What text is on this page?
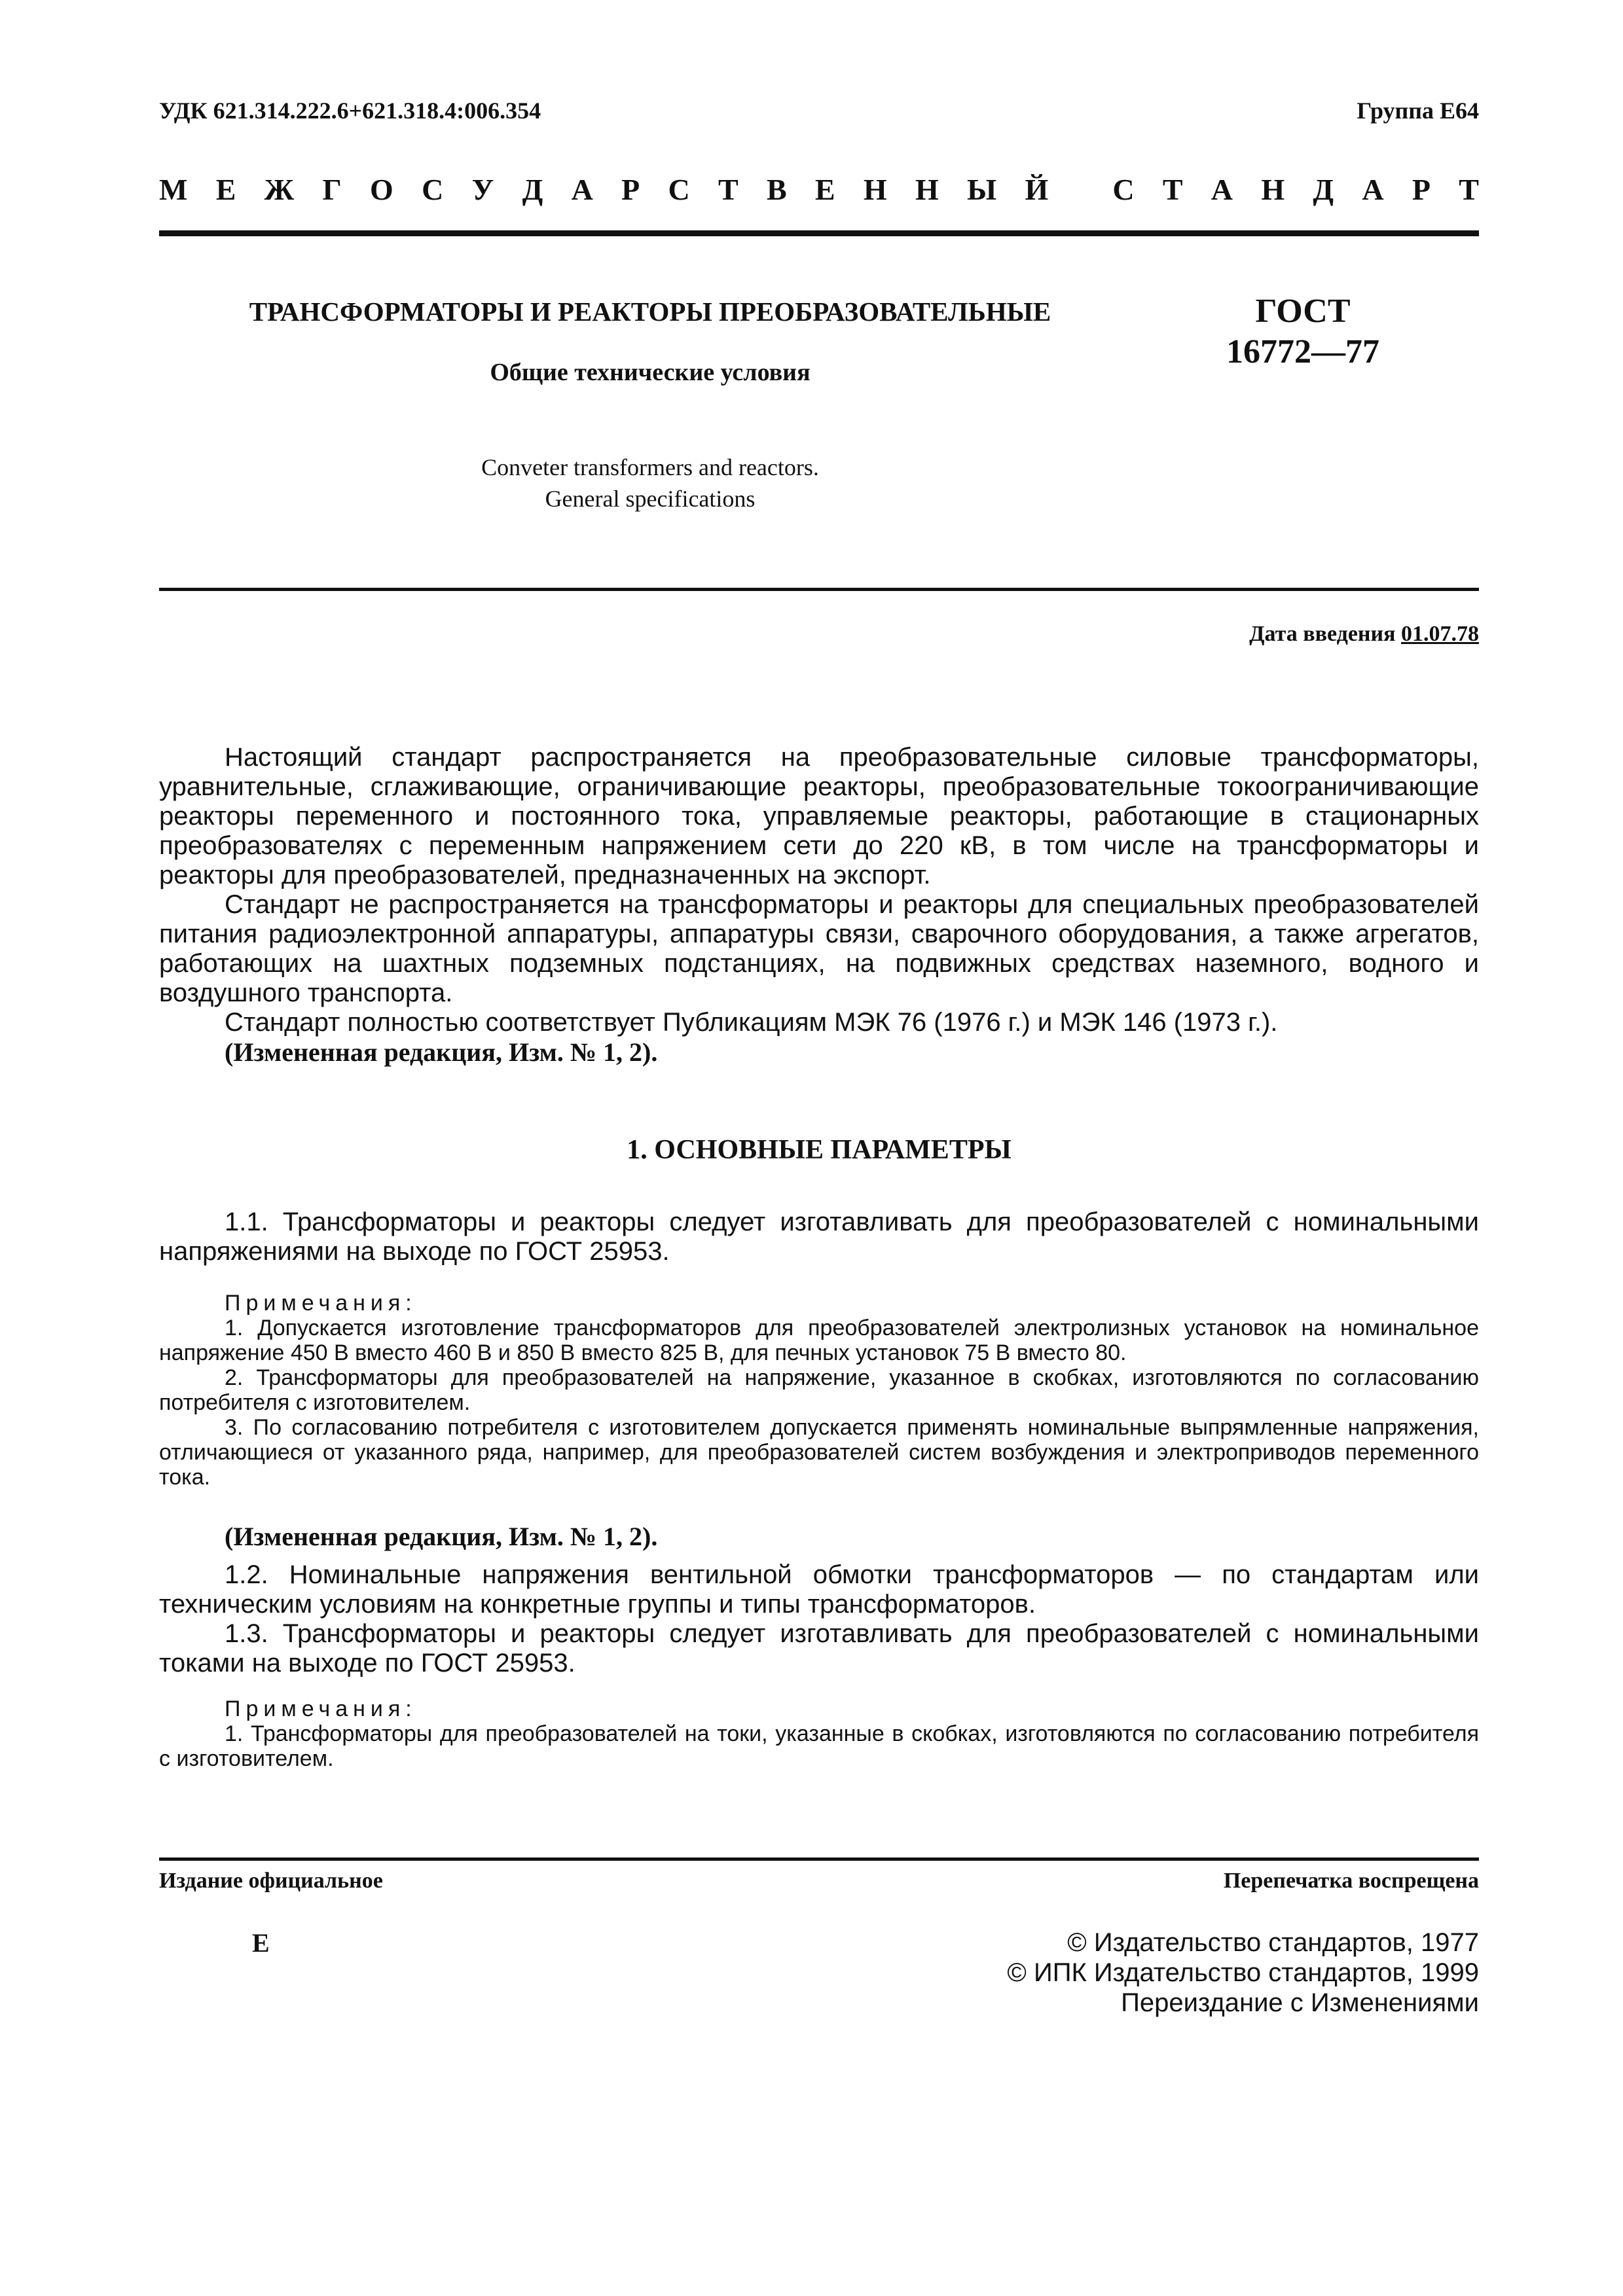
УДК 621.314.222.6+621.318.4:006.354	Группа Е64
М Е Ж Г О С У Д А Р С Т В Е Н Н Ы Й
С Т А Н Д А Р Т
ТРАНСФОРМАТОРЫ И РЕАКТОРЫ ПРЕОБРАЗОВАТЕЛЬНЫЕ
Общие технические условия
ГОСТ
16772—77
Conveter transformers and reactors.
General specifications
Дата введения 01.07.78

Настоящий стандарт распространяется на преобразовательные силовые трансформаторы, уравнительные, сглаживающие, ограничивающие реакторы, преобразовательные токоограничивающие реакторы переменного и постоянного тока, управляемые реакторы, работающие в стационарных преобразователях с переменным напряжением сети до 220 кВ, в том числе на трансформаторы и реакторы для преобразователей, предназначенных на экспорт.

Стандарт не распространяется на трансформаторы и реакторы для специальных преобразователей питания радиоэлектронной аппаратуры, аппаратуры связи, сварочного оборудования, а также агрегатов, работающих на шахтных подземных подстанциях, на подвижных средствах наземного, водного и воздушного транспорта.

Стандарт полностью соответствует Публикациям МЭК 76 (1976 г.) и МЭК 146 (1973 г.).

(Измененная редакция, Изм. № 1, 2).

1. ОСНОВНЫЕ ПАРАМЕТРЫ

1.1. Трансформаторы и реакторы следует изготавливать для преобразователей с номинальными напряжениями на выходе по ГОСТ 25953.

Примечания:

1. Допускается изготовление трансформаторов для преобразователей электролизных установок на номинальное напряжение 450 В вместо 460 В и 850 В вместо 825 В, для печных установок 75 В вместо 80.

2. Трансформаторы для преобразователей на напряжение, указанное в скобках, изготовляются по согласованию потребителя с изготовителем.

3. По согласованию потребителя с изготовителем допускается применять номинальные выпрямленные напряжения, отличающиеся от указанного ряда, например, для преобразователей систем возбуждения и электроприводов переменного тока.

(Измененная редакция, Изм. № 1, 2).

1.2. Номинальные напряжения вентильной обмотки трансформаторов — по стандартам или техническим условиям на конкретные группы и типы трансформаторов.

1.3. Трансформаторы и реакторы следует изготавливать для преобразователей с номинальными токами на выходе по ГОСТ 25953.

Примечания:

1. Трансформаторы для преобразователей на токи, указанные в скобках, изготовляются по согласованию потребителя с изготовителем.

Издание официальное	Перепечатка воспрещена
Е	© Издательство стандартов, 1977
© ИПК Издательство стандартов, 1999
Переиздание с Изменениями
